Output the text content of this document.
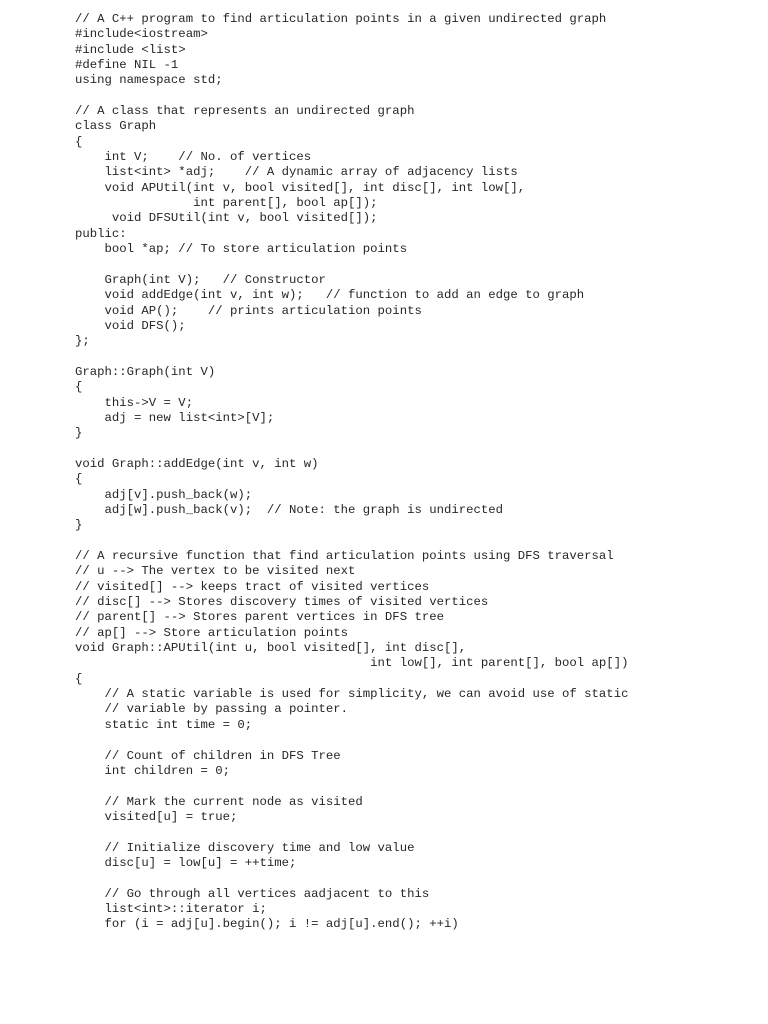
// A C++ program to find articulation points in a given undirected graph
#include<iostream>
#include <list>
#define NIL -1
using namespace std;
// A class that represents an undirected graph
class Graph
{
int V;    // No. of vertices
list<int> *adj;    // A dynamic array of adjacency lists
void APUtil(int v, bool visited[], int disc[], int low[],
int parent[], bool ap[]);
void DFSUtil(int v, bool visited[]);
public:
bool *ap; // To store articulation points
Graph(int V);   // Constructor
void addEdge(int v, int w);   // function to add an edge to graph
void AP();    // prints articulation points
void DFS();
};
Graph::Graph(int V)
{
this->V = V;
adj = new list<int>[V];
}
void Graph::addEdge(int v, int w)
{
adj[v].push_back(w);
adj[w].push_back(v);  // Note: the graph is undirected
}
// A recursive function that find articulation points using DFS traversal
// u --> The vertex to be visited next
// visited[] --> keeps tract of visited vertices
// disc[] --> Stores discovery times of visited vertices
// parent[] --> Stores parent vertices in DFS tree
// ap[] --> Store articulation points
void Graph::APUtil(int u, bool visited[], int disc[],
int low[], int parent[], bool ap[])
{
// A static variable is used for simplicity, we can avoid use of static
// variable by passing a pointer.
static int time = 0;
// Count of children in DFS Tree
int children = 0;
// Mark the current node as visited
visited[u] = true;
// Initialize discovery time and low value
disc[u] = low[u] = ++time;
// Go through all vertices aadjacent to this
list<int>::iterator i;
for (i = adj[u].begin(); i != adj[u].end(); ++i)
